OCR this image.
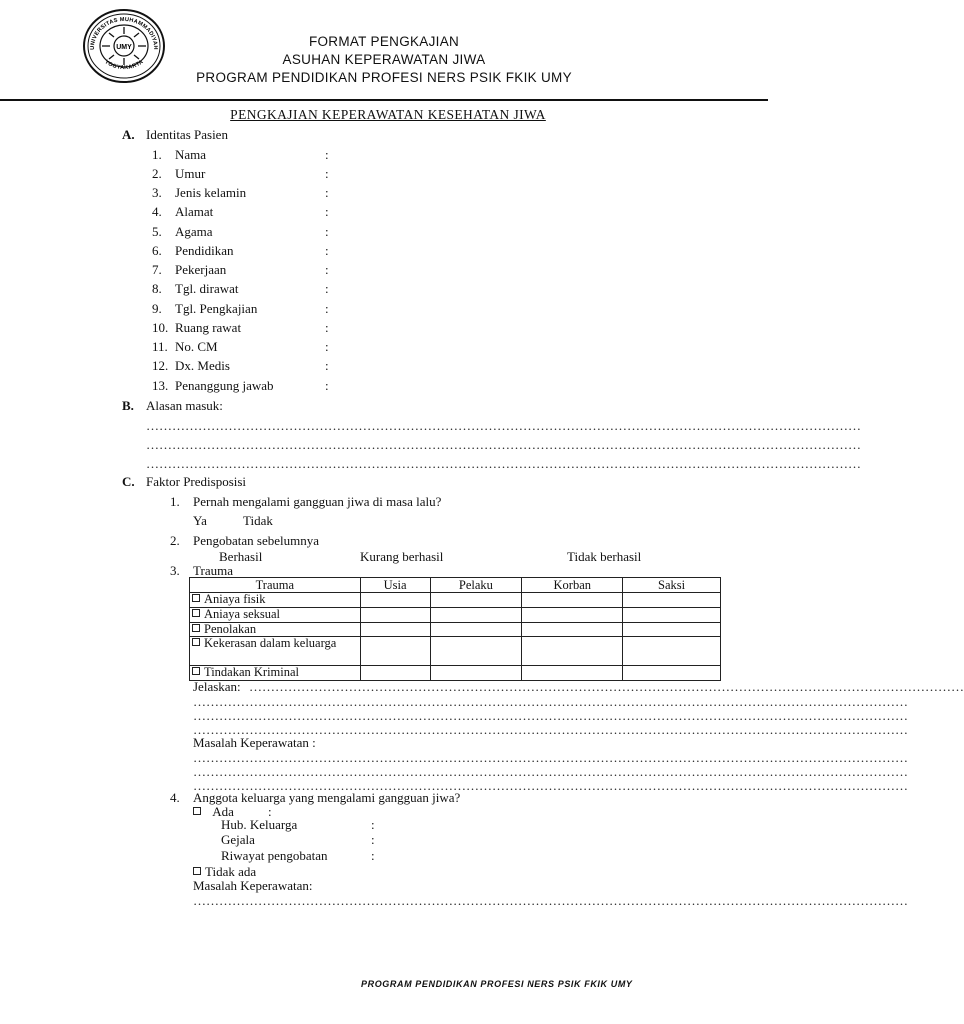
UMY
UNIVERSITAS MUHAMMADIYAH
YOGYAKARTA
FORMAT PENGKAJIAN
ASUHAN KEPERAWATAN JIWA
PROGRAM PENDIDIKAN PROFESI NERS PSIK FKIK UMY
PENGKAJIAN KEPERAWATAN KESEHATAN JIWA
A. Identitas Pasien
1. Nama	:
2. Umur	:
3. Jenis kelamin	:
4. Alamat	:
5. Agama	:
6. Pendidikan	:
7. Pekerjaan	:
8. Tgl. dirawat	:
9. Tgl. Pengkajian	:
10. Ruang rawat	:
11. No. CM	:
12. Dx. Medis	:
13. Penanggung jawab	:
B. Alasan masuk:
…………………………………………………………………………………………………………………………………………………
…………………………………………………………………………………………………………………………………………………
…………………………………………………………………………………………………………………………………………………
C. Faktor Predisposisi
1. Pernah mengalami gangguan jiwa di masa lalu?
Ya	Tidak
2. Pengobatan sebelumnya
Berhasil	Kurang berhasil	Tidak berhasil
3. Trauma
Trauma	Usia	Pelaku	Korban	Saksi
Aniaya fisik				
Aniaya seksual				
Penolakan				
Kekerasan dalam keluarga				
Tindakan Kriminal				
Jelaskan: …………………………………………………………………………………………………………………………………………………
…………………………………………………………………………………………………………………………………………………
…………………………………………………………………………………………………………………………………………………
…………………………………………………………………………………………………………………………………………………
Masalah Keperawatan :
…………………………………………………………………………………………………………………………………………………
…………………………………………………………………………………………………………………………………………………
…………………………………………………………………………………………………………………………………………………
4. Anggota keluarga yang mengalami gangguan jiwa?
Ada	:
Hub. Keluarga	:
Gejala	:
Riwayat pengobatan	:
Tidak ada
Masalah Keperawatan:
…………………………………………………………………………………………………………………………………………………
PROGRAM PENDIDIKAN PROFESI NERS PSIK FKIK UMY
